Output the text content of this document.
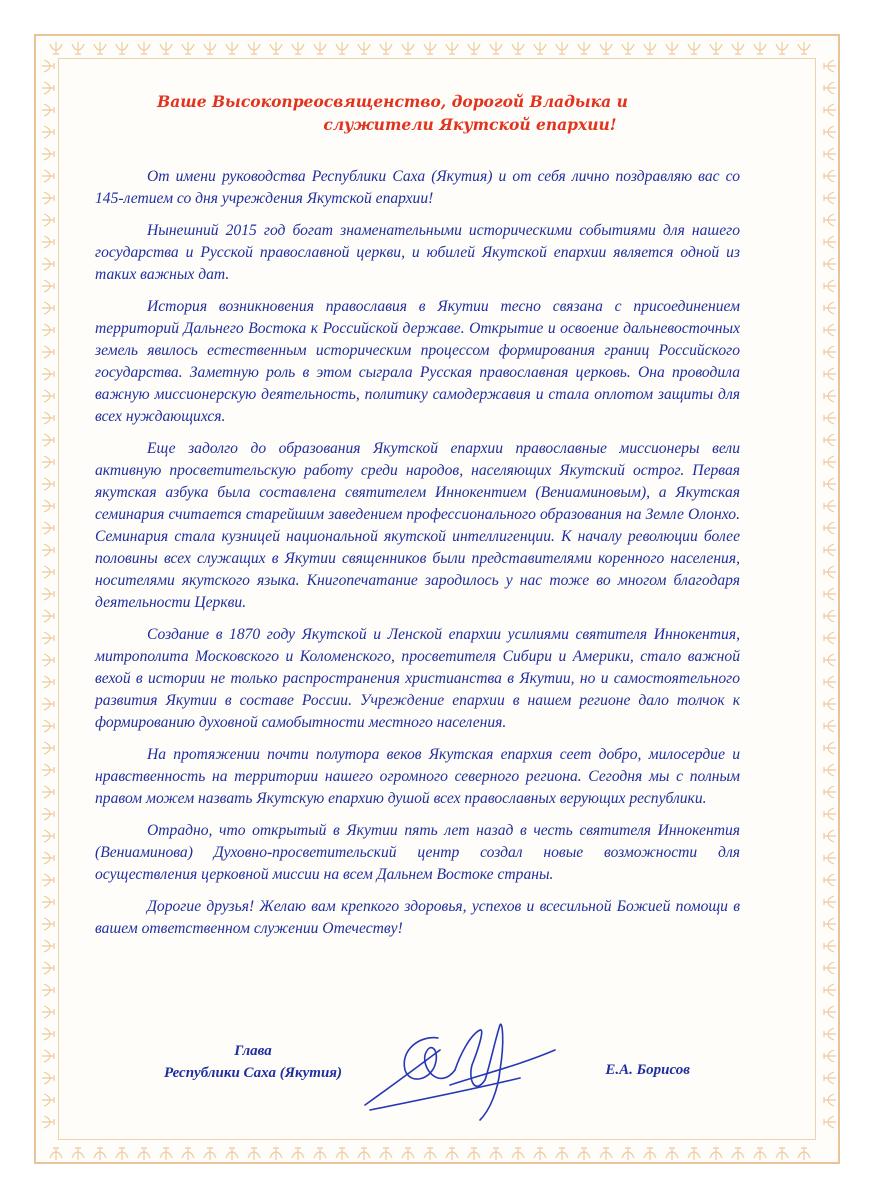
Ваше Высокопреосвященство, дорогой Владыка и
служители Якутской епархии!

От имени руководства Республики Саха (Якутия) и от себя лично поздравляю вас со 145-летием со дня учреждения Якутской епархии!

Нынешний 2015 год богат знаменательными историческими событиями для нашего государства и Русской православной церкви, и юбилей Якутской епархии является одной из таких важных дат.

История возникновения православия в Якутии тесно связана с присоединением территорий Дальнего Востока к Российской державе. Открытие и освоение дальневосточных земель явилось естественным историческим процессом формирования границ Российского государства. Заметную роль в этом сыграла Русская православная церковь. Она проводила важную миссионерскую деятельность, политику самодержавия и стала оплотом защиты для всех нуждающихся.

Еще задолго до образования Якутской епархии православные миссионеры вели активную просветительскую работу среди народов, населяющих Якутский острог. Первая якутская азбука была составлена святителем Иннокентием (Вениаминовым), а Якутская семинария считается старейшим заведением профессионального образования на Земле Олонхо. Семинария стала кузницей национальной якутской интеллигенции. К началу революции более половины всех служащих в Якутии священников были представителями коренного населения, носителями якутского языка. Книгопечатание зародилось у нас тоже во многом благодаря деятельности Церкви.

Создание в 1870 году Якутской и Ленской епархии усилиями святителя Иннокентия, митрополита Московского и Коломенского, просветителя Сибири и Америки, стало важной вехой в истории не только распространения христианства в Якутии, но и самостоятельного развития Якутии в составе России. Учреждение епархии в нашем регионе дало толчок к формированию духовной самобытности местного населения.

На протяжении почти полутора веков Якутская епархия сеет добро, милосердие и нравственность на территории нашего огромного северного региона. Сегодня мы с полным правом можем назвать Якутскую епархию душой всех православных верующих республики.

Отрадно, что открытый в Якутии пять лет назад в честь святителя Иннокентия (Вениаминова) Духовно-просветительский центр создал новые возможности для осуществления церковной миссии на всем Дальнем Востоке страны.

Дорогие друзья! Желаю вам крепкого здоровья, успехов и всесильной Божией помощи в вашем ответственном служении Отечеству!

Глава
Республики Саха (Якутия)	Е.А. Борисов
